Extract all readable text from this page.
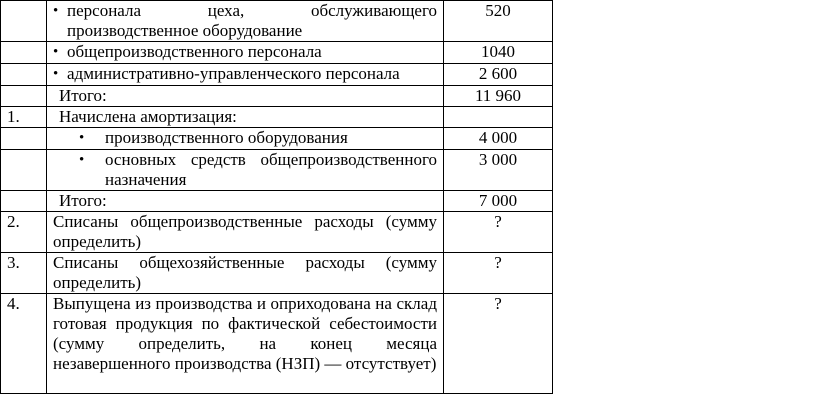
	• персонала цеха, обслуживающего производственное оборудование	520

	• общепроизводственного персонала	1040

	• административно-управленческого персонала	2 600
	Итого:	11 960
1.	Начислена амортизация:	

	• производственного оборудования	4 000

	• основных средств общепроизводственного назначения	3 000
	Итого:	7 000
2.	Списаны общепроизводственные расходы (сумму определить)	?
3.	Списаны общехозяйственные расходы (сумму определить)	?
4.	Выпущена из производства и оприходована на склад готовая продукция по фактической себестоимости (сумму определить, на конец месяца незавершенного производства (НЗП) — отсутствует)	?
